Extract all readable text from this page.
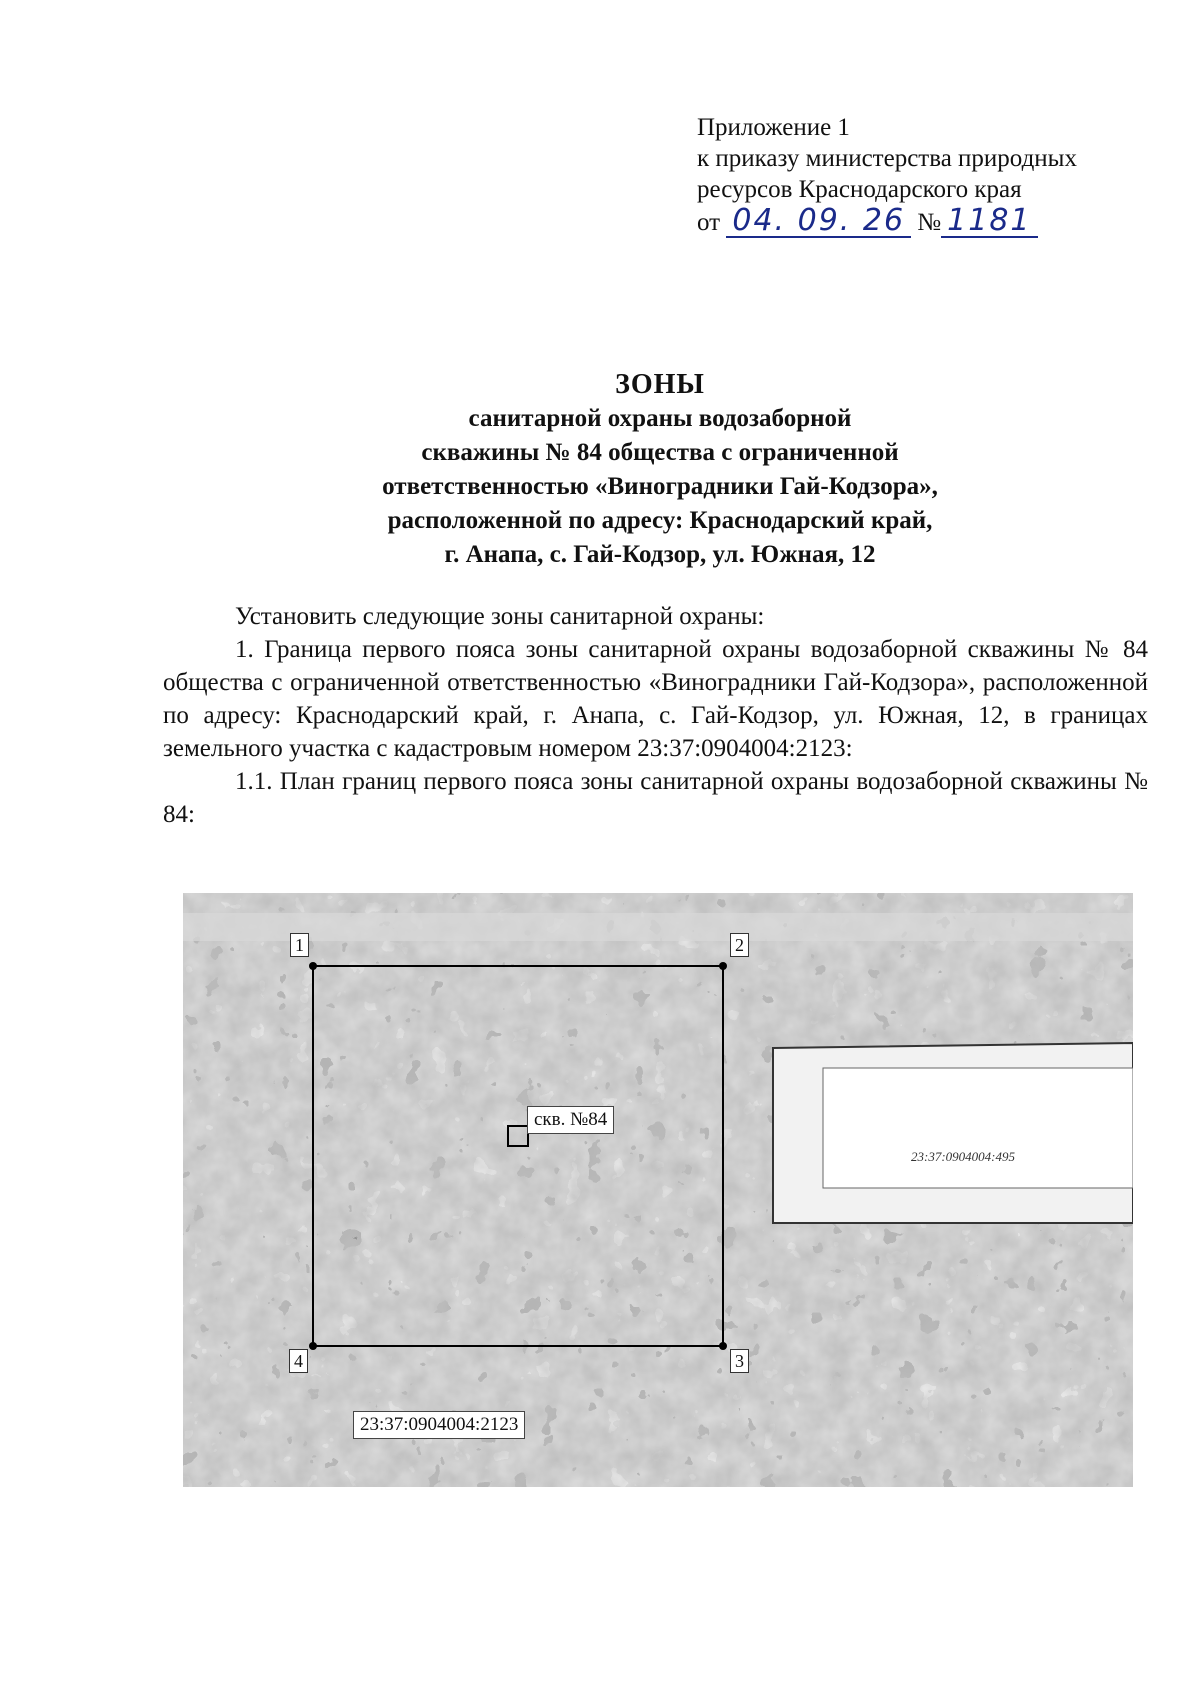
Приложение 1
к приказу министерства природных
ресурсов Краснодарского края
от 04. 09. 26 № 1181
ЗОНЫ
санитарной охраны водозаборной
скважины № 84 общества с ограниченной
ответственностью «Виноградники Гай-Кодзора»,
расположенной по адресу: Краснодарский край,
г. Анапа, с. Гай-Кодзор, ул. Южная, 12

Установить следующие зоны санитарной охраны:

1. Граница первого пояса зоны санитарной охраны водозаборной скважины № 84 общества с ограниченной ответственностью «Виноградники Гай-Кодзора», расположенной по адресу: Краснодарский край, г. Анапа, с. Гай-Кодзор, ул. Южная, 12, в границах земельного участка с кадастровым номером 23:37:0904004:2123:

1.1. План границ первого пояса зоны санитарной охраны водозаборной скважины № 84:

1	2
3
4
скв. №84
23:37:0904004:2123
23:37:0904004:495
